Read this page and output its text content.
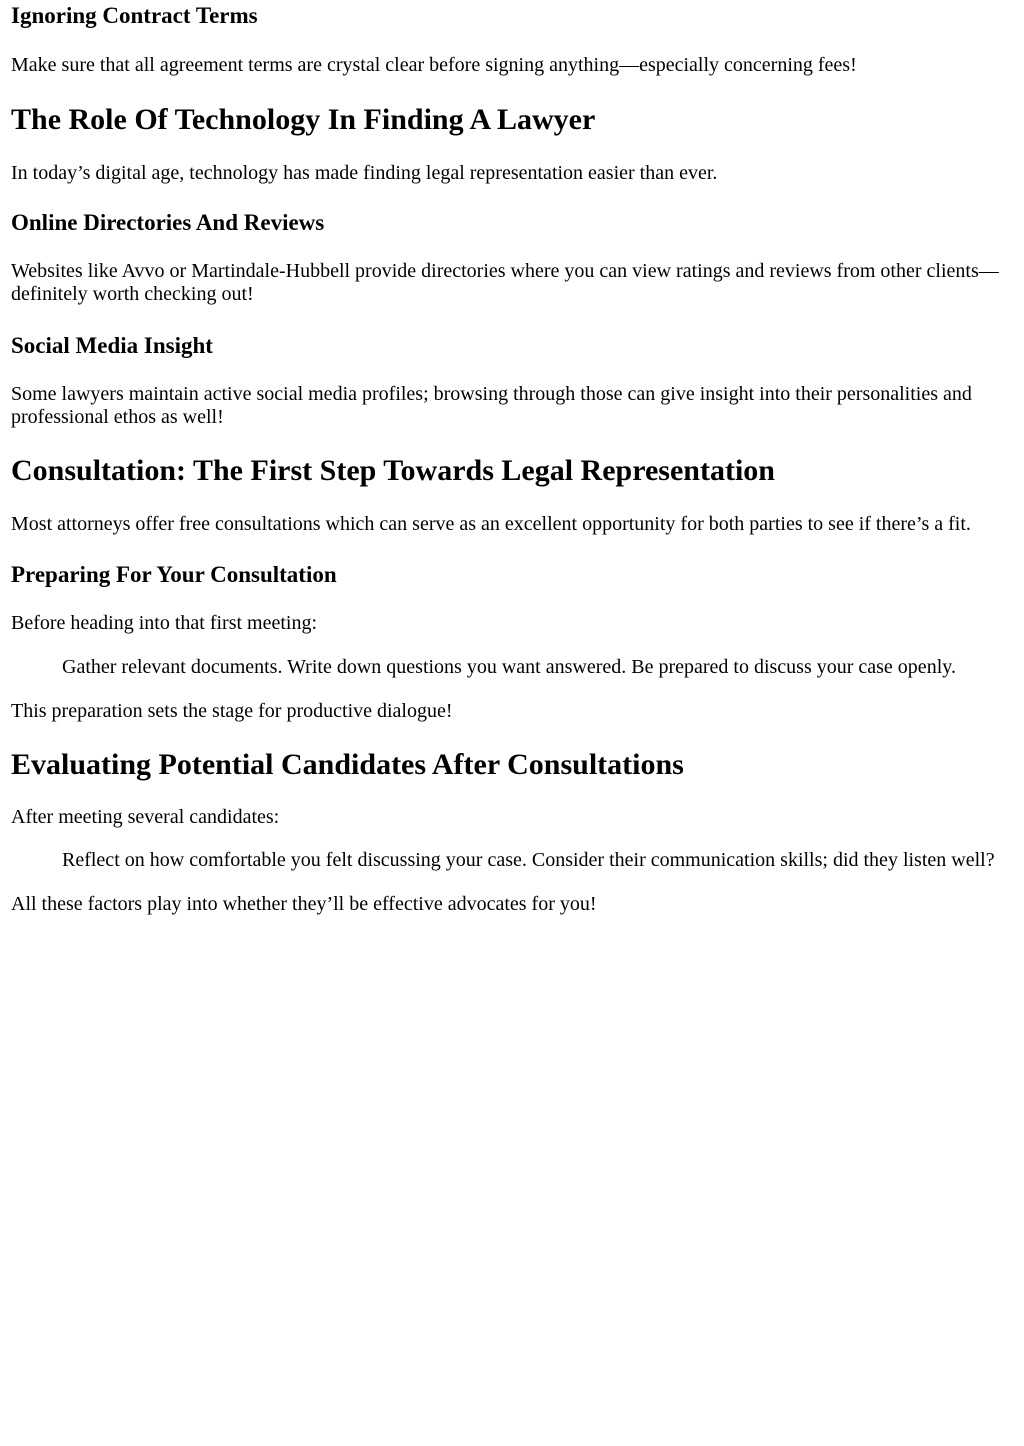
Ignoring Contract Terms

Make sure that all agreement terms are crystal clear before signing anything—especially concerning fees!

The Role Of Technology In Finding A Lawyer

In today’s digital age, technology has made finding legal representation easier than ever.

Online Directories And Reviews

Websites like Avvo or Martindale-Hubbell provide directories where you can view ratings and reviews from other clients—definitely worth checking out!

Social Media Insight

Some lawyers maintain active social media profiles; browsing through those can give insight into their personalities and professional ethos as well!

Consultation: The First Step Towards Legal Representation

Most attorneys offer free consultations which can serve as an excellent opportunity for both parties to see if there’s a fit.

Preparing For Your Consultation

Before heading into that first meeting:

Gather relevant documents. Write down questions you want answered. Be prepared to discuss your case openly.

This preparation sets the stage for productive dialogue!

Evaluating Potential Candidates After Consultations

After meeting several candidates:

Reflect on how comfortable you felt discussing your case. Consider their communication skills; did they listen well?

All these factors play into whether they’ll be effective advocates for you!
